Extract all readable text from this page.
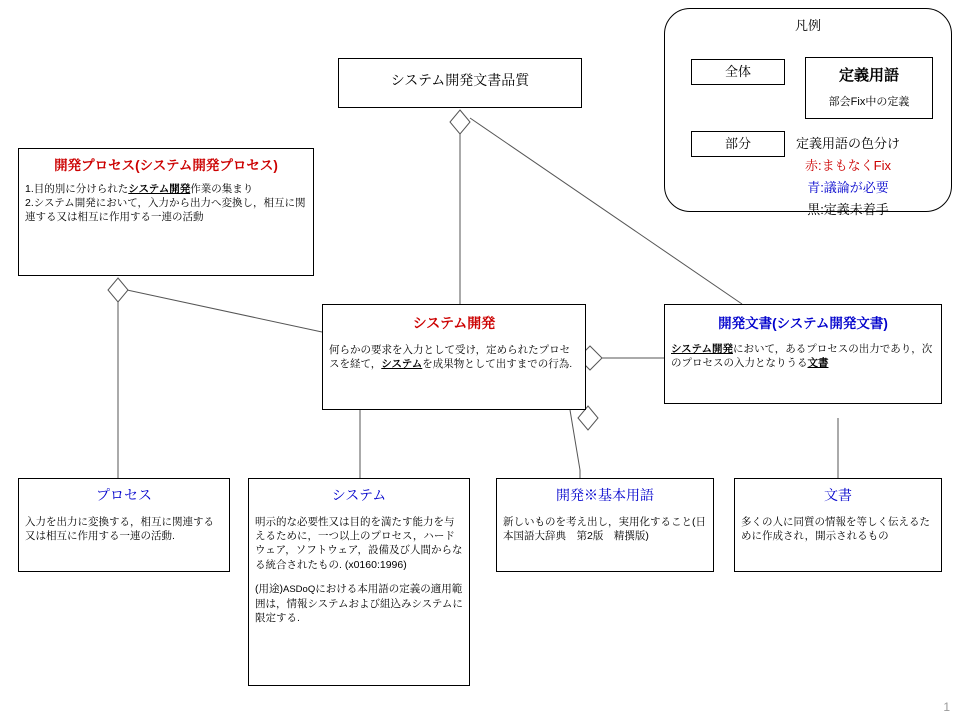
システム開発文書品質
開発プロセス(システム開発プロセス)
1.目的別に分けられたシステム開発作業の集まり
2.システム開発において，入力から出力へ変換し，相互に関連する又は相互に作用する一連の活動
システム開発
何らかの要求を入力として受け，定められたプロセスを経て，システムを成果物として出すまでの行為.
開発文書(システム開発文書)
システム開発において，あるプロセスの出力であり，次のプロセスの入力となりうる文書
プロセス
入力を出力に変換する，相互に関連する又は相互に作用する一連の活動.
システム
明示的な必要性又は目的を満たす能力を与えるために，一つ以上のプロセス，ハードウェア，ソフトウェア，設備及び人間からなる統合されたもの. (x0160:1996)
(用途)ASDoQにおける本用語の定義の適用範囲は，情報システムおよび組込みシステムに限定する.
開発※基本用語
新しいものを考え出し，実用化すること(日本国語大辞典　第2版　精撰版)
文書
多くの人に同質の情報を等しく伝えるために作成され，開示されるもの
凡例
全体
部分
定義用語
部会Fix中の定義
定義用語の色分け
赤:まもなくFix
青:議論が必要
黒:定義未着手
1
